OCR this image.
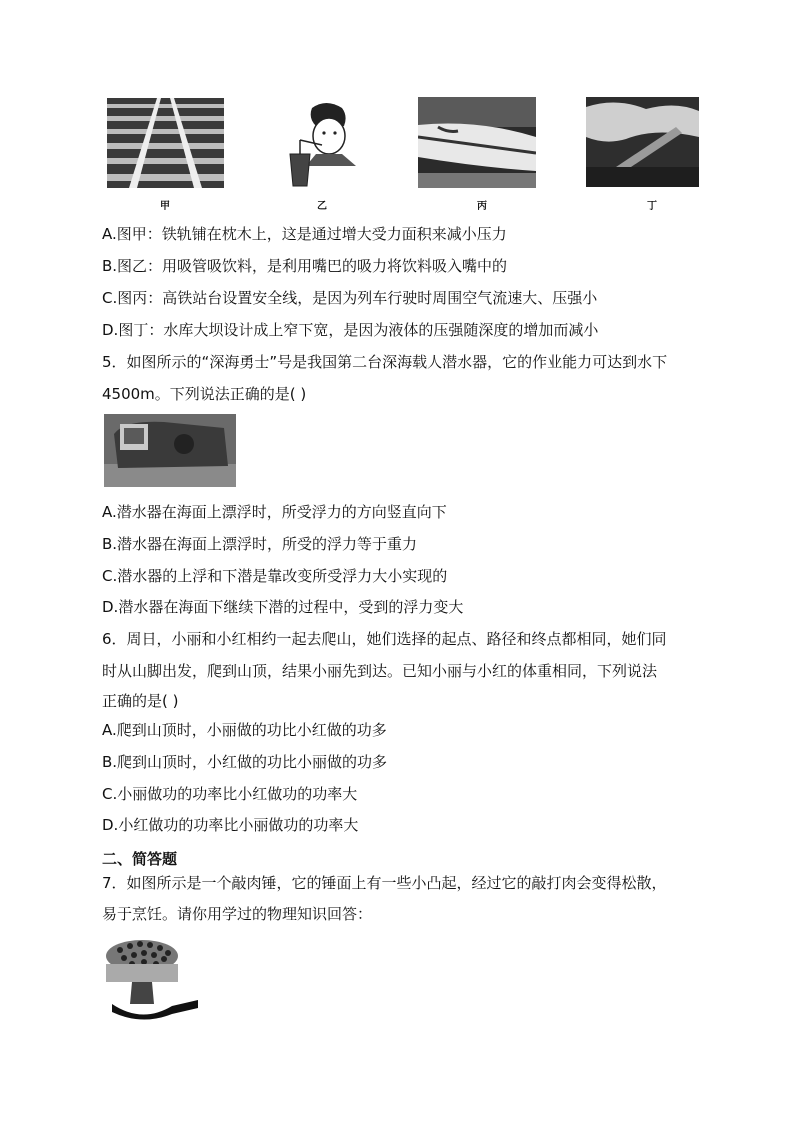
甲	乙	丙	丁
A.图甲：铁轨铺在枕木上，这是通过增大受力面积来减小压力
B.图乙：用吸管吸饮料，是利用嘴巴的吸力将饮料吸入嘴中的
C.图丙：高铁站台设置安全线，是因为列车行驶时周围空气流速大、压强小
D.图丁：水库大坝设计成上窄下宽，是因为液体的压强随深度的增加而减小
5．如图所示的“深海勇士”号是我国第二台深海载人潜水器，它的作业能力可达到水下
4500m。下列说法正确的是( )
A.潜水器在海面上漂浮时，所受浮力的方向竖直向下
B.潜水器在海面上漂浮时，所受的浮力等于重力
C.潜水器的上浮和下潜是靠改变所受浮力大小实现的
D.潜水器在海面下继续下潜的过程中，受到的浮力变大
6．周日，小丽和小红相约一起去爬山，她们选择的起点、路径和终点都相同，她们同
时从山脚出发，爬到山顶，结果小丽先到达。已知小丽与小红的体重相同，下列说法
正确的是( )
A.爬到山顶时，小丽做的功比小红做的功多
B.爬到山顶时，小红做的功比小丽做的功多
C.小丽做功的功率比小红做功的功率大
D.小红做功的功率比小丽做功的功率大
二、简答题
7．如图所示是一个敲肉锤，它的锤面上有一些小凸起，经过它的敲打肉会变得松散，
易于烹饪。请你用学过的物理知识回答：
